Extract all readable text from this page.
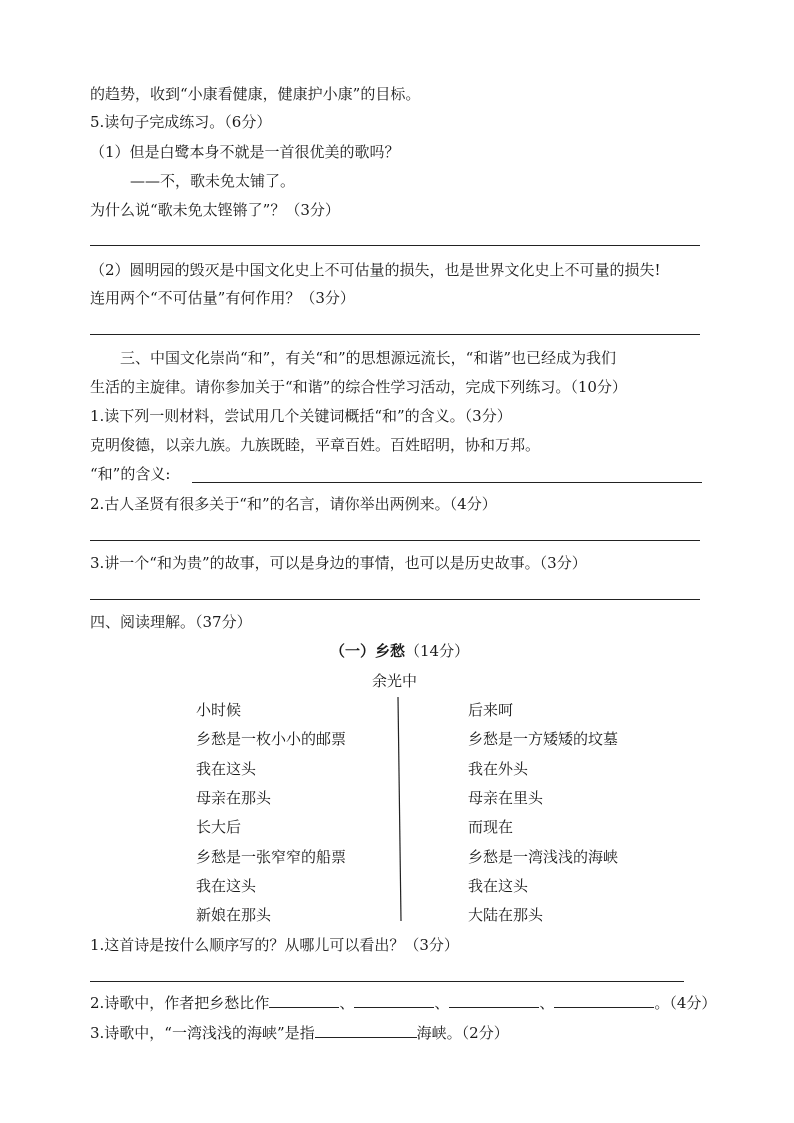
的趋势，收到“小康看健康，健康护小康”的目标。
5.读句子完成练习。（6分）
（1）但是白鹭本身不就是一首很优美的歌吗？
——不，歌未免太铺了。
为什么说“歌未免太铿锵了”？（3分）
（2）圆明园的毁灭是中国文化史上不可估量的损失，也是世界文化史上不可量的损失!
连用两个“不可估量”有何作用？（3分）
三、中国文化崇尚“和”，有关“和”的思想源远流长，“和谐”也已经成为我们
生活的主旋律。请你参加关于“和谐”的综合性学习活动，完成下列练习。（10分）
1.读下列一则材料，尝试用几个关键词概括“和”的含义。（3分）
克明俊德，以亲九族。九族既睦，平章百姓。百姓昭明，协和万邦。
“和”的含义:
2.古人圣贤有很多关于“和”的名言，请你举出两例来。（4分）
3.讲一个“和为贵”的故事，可以是身边的事情，也可以是历史故事。（3分）
四、阅读理解。（37分）
（一）乡愁（14分）
余光中
小时候
乡愁是一枚小小的邮票
我在这头
母亲在那头
长大后
乡愁是一张窄窄的船票
我在这头
新娘在那头
后来呵
乡愁是一方矮矮的坟墓
我在外头
母亲在里头
而现在
乡愁是一湾浅浅的海峡
我在这头
大陆在那头
1.这首诗是按什么顺序写的？从哪儿可以看出？（3分）
2.诗歌中，作者把乡愁比作	、	、	、	。（4分）
3.诗歌中，“一湾浅浅的海峡”是指	海峡。（2分）
